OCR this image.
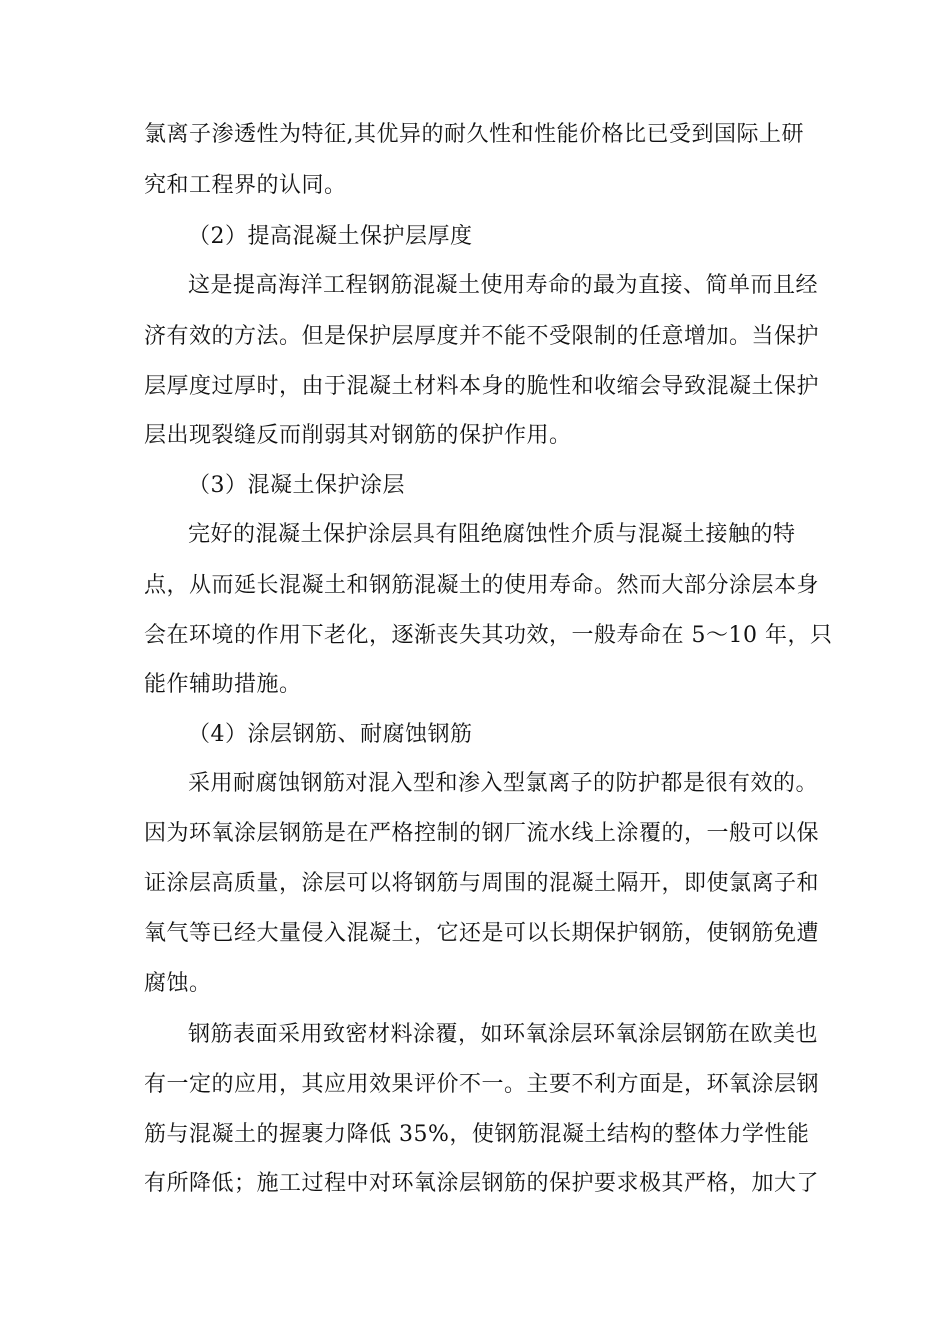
氯离子渗透性为特征,其优异的耐久性和性能价格比已受到国际上研
究和工程界的认同。
（2）提高混凝土保护层厚度
这是提高海洋工程钢筋混凝土使用寿命的最为直接、简单而且经
济有效的方法。但是保护层厚度并不能不受限制的任意增加。当保护
层厚度过厚时，由于混凝土材料本身的脆性和收缩会导致混凝土保护
层出现裂缝反而削弱其对钢筋的保护作用。
（3）混凝土保护涂层
完好的混凝土保护涂层具有阻绝腐蚀性介质与混凝土接触的特
点，从而延长混凝土和钢筋混凝土的使用寿命。然而大部分涂层本身
会在环境的作用下老化，逐渐丧失其功效，一般寿命在 5～10 年，只
能作辅助措施。
（4）涂层钢筋、耐腐蚀钢筋
采用耐腐蚀钢筋对混入型和渗入型氯离子的防护都是很有效的。
因为环氧涂层钢筋是在严格控制的钢厂流水线上涂覆的，一般可以保
证涂层高质量，涂层可以将钢筋与周围的混凝土隔开，即使氯离子和
氧气等已经大量侵入混凝土，它还是可以长期保护钢筋，使钢筋免遭
腐蚀。
钢筋表面采用致密材料涂覆，如环氧涂层环氧涂层钢筋在欧美也
有一定的应用，其应用效果评价不一。主要不利方面是，环氧涂层钢
筋与混凝土的握裹力降低 35%，使钢筋混凝土结构的整体力学性能
有所降低；施工过程中对环氧涂层钢筋的保护要求极其严格，加大了
